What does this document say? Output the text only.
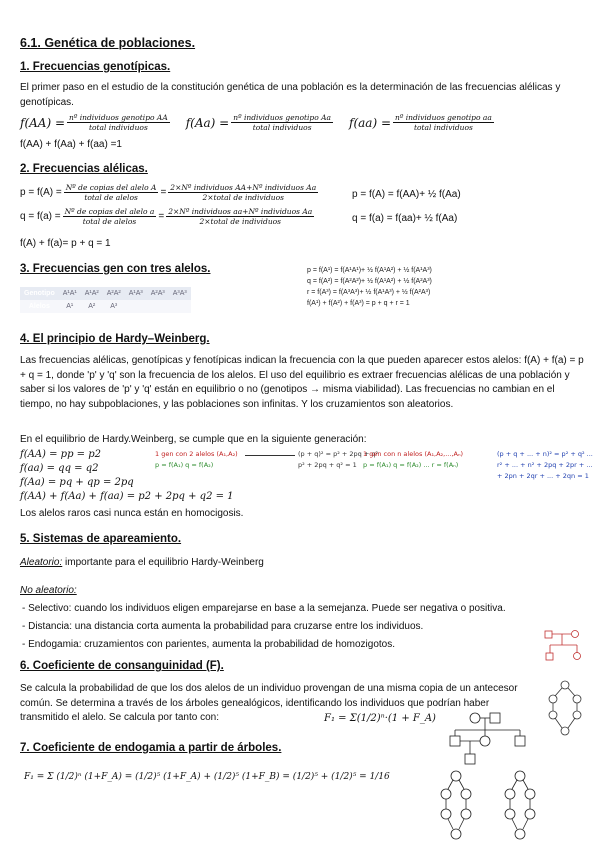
6.1. Genética de poblaciones.
1. Frecuencias genotípicas.
El primer paso en el estudio de la constitución genética de una población es la determinación de las frecuencias alélicas y genotípicas.
$f(AA) = \frac{\text{nº individuos genotipo AA}}{\text{total individuos}} f(Aa) = \frac{\text{nº individuos genotipo Aa}}{\text{total individuos}} f(aa) = \frac{\text{nº individuos genotipo aa}}{\text{total individuos}}$
f(AA) + f(Aa) + f(aa) =1
2. Frecuencias alélicas.
$p = f(A) = \frac{\text{Nº de copias del alelo A}}{\text{total de alelos}} = \frac{\text{2×Nº individuos AA+Nº individuos Aa}}{\text{2×total de individuos}}$	p = f(A) = f(AA)+ ½ f(Aa)
$q = f(a) = \frac{\text{Nº de copias del alelo a}}{\text{total de alelos}} = \frac{\text{2×Nº individuos aa+Nº individuos Aa}}{\text{2×total de individuos}}$	q = f(a) = f(aa)+ ½ f(Aa)
f(A) + f(a)= p + q = 1
3. Frecuencias gen con tres alelos.
Genotipo	A¹A¹	A¹A²	A²A²	A¹A³	A²A³	A³A³
Alelos	A¹	A²	A³			
p = f(A¹) = f(A¹A¹)+ ½ f(A¹A²) + ½ f(A¹A³)
q = f(A²) = f(A²A²)+ ½ f(A¹A²) + ½ f(A²A³)
r = f(A³) = f(A³A³)+ ½ f(A¹A³) + ½ f(A²A³)
f(A¹) + f(A²) + f(A³) = p + q + r = 1
4. El principio de Hardy–Weinberg.
Las frecuencias alélicas, genotípicas y fenotípicas indican la frecuencia con la que pueden aparecer estos alelos: f(A) + f(a) = p + q = 1, donde 'p' y 'q' son la frecuencia de los alelos. El uso del equilibrio es extraer frecuencias alélicas de una población y saber si los valores de 'p' y 'q' están en equilibrio o no (genotipos → misma viabilidad). Las frecuencias no cambian en el tiempo, no hay subpoblaciones, y las poblaciones son infinitas. Y los cruzamientos son aleatorios.
En el equilibrio de Hardy.Weinberg, se cumple que en la siguiente generación:
f(AA) = pp = p2
f(aa) = qq = q2
f(Aa) = pq + qp = 2pq
f(AA) + f(Aa) + f(aa) = p2 + 2pq + q2 = 1
Los alelos raros casi nunca están en homocigosis.
1 gen con 2 alelos (A₁,A₂)
p = f(A₁) q = f(A₂)
(p + q)² = p² + 2pq + q²
p² + 2pq + q² = 1
1 gen con n alelos (A₁,A₂,...,Aₙ)
p = f(A₁) q = f(A₂) ... r = f(Aₙ)
(p + q + ... + n)² = p² + q² ...
r² + ... + n² + 2pq + 2pr + ...
+ 2pn + 2qr + ... + 2qn = 1
5. Sistemas de apareamiento.
Aleatorio: importante para el equilibrio Hardy-Weinberg
No aleatorio:
- Selectivo: cuando los individuos eligen emparejarse en base a la semejanza. Puede ser negativa o positiva.
- Distancia: una distancia corta aumenta la probabilidad para cruzarse entre los individuos.
- Endogamia: cruzamientos con parientes, aumenta la probabilidad de homozigotos.
6. Coeficiente de consanguinidad (F).
Se calcula la probabilidad de que los dos alelos de un individuo provengan de una misma copia de un antecesor común. Se determina a través de los árboles genealógicos, identificando los individuos que podrían haber transmitido el alelo. Se calcula por tanto con:	F₁ = Σ(1/2)ⁿ·(1 + F_A)
7. Coeficiente de endogamia a partir de árboles.
F₁ = Σ (1/2)ⁿ (1+F_A) = (1/2)⁵ (1+F_A) + (1/2)⁵ (1+F_B) = (1/2)⁵ + (1/2)⁵ = 1/16
